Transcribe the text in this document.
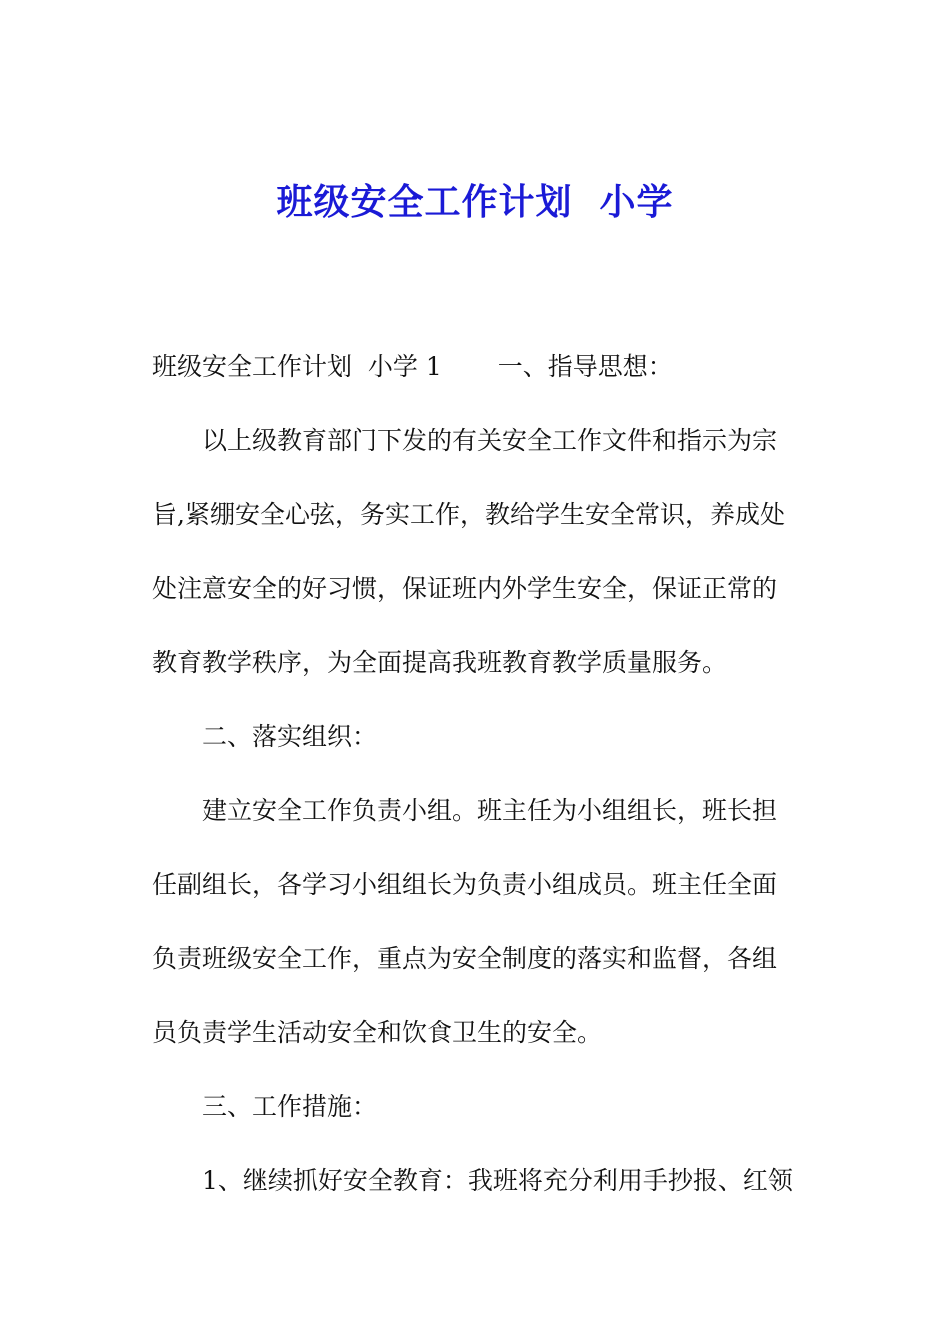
班级安全工作计划  小学
班级安全工作计划  小学 1 一、指导思想：
以上级教育部门下发的有关安全工作文件和指示为宗
旨,紧绷安全心弦，务实工作，教给学生安全常识，养成处
处注意安全的好习惯，保证班内外学生安全，保证正常的
教育教学秩序，为全面提高我班教育教学质量服务。
二、落实组织：
建立安全工作负责小组。班主任为小组组长，班长担
任副组长，各学习小组组长为负责小组成员。班主任全面
负责班级安全工作，重点为安全制度的落实和监督，各组
员负责学生活动安全和饮食卫生的安全。
三、工作措施：
1、继续抓好安全教育：我班将充分利用手抄报、红领
